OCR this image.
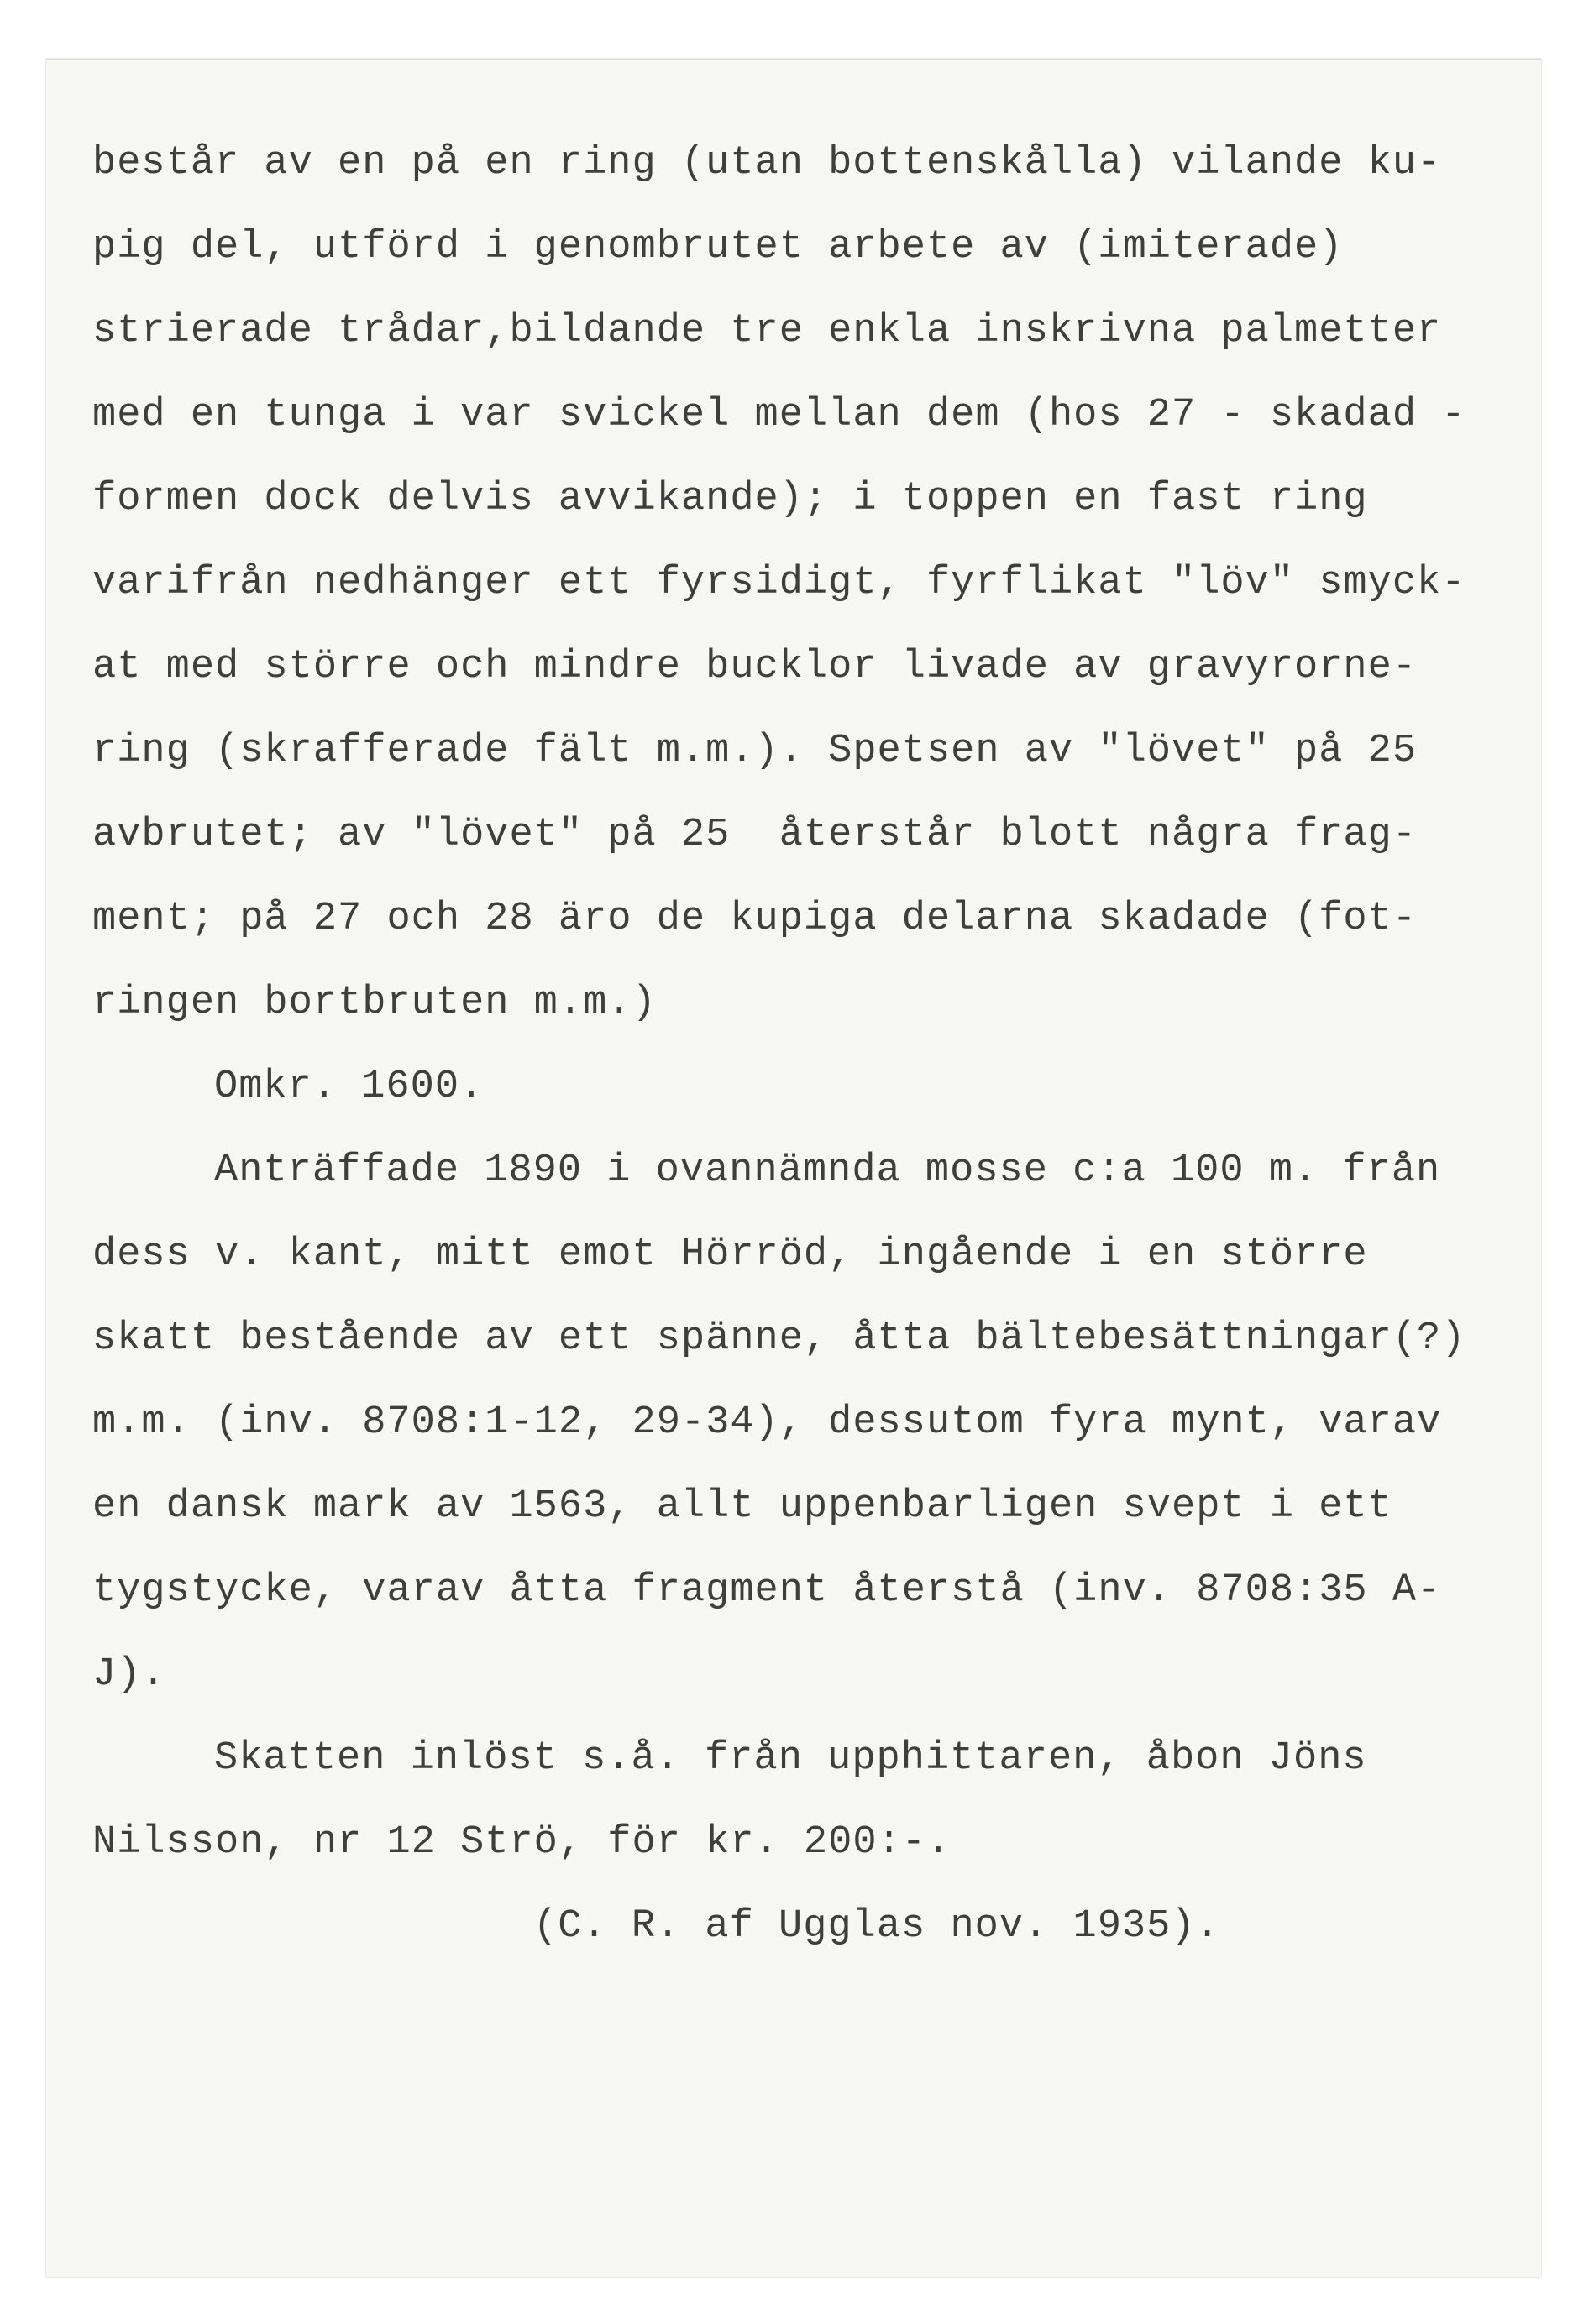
består av en på en ring (utan bottenskålla) vilande ku-
pig del, utförd i genombrutet arbete av (imiterade)
strierade trådar,bildande tre enkla inskrivna palmetter
med en tunga i var svickel mellan dem (hos 27 - skadad -
formen dock delvis avvikande); i toppen en fast ring
varifrån nedhänger ett fyrsidigt, fyrflikat "löv" smyck-
at med större och mindre bucklor livade av gravyrorne-
ring (skrafferade fält m.m.). Spetsen av "lövet" på 25
avbrutet; av "lövet" på 25  återstår blott några frag-
ment; på 27 och 28 äro de kupiga delarna skadade (fot-
ringen bortbruten m.m.)
Omkr. 1600.
Anträffade 1890 i ovannämnda mosse c:a 100 m. från
dess v. kant, mitt emot Hörröd, ingående i en större
skatt bestående av ett spänne, åtta bältebesättningar(?)
m.m. (inv. 8708:1-12, 29-34), dessutom fyra mynt, varav
en dansk mark av 1563, allt uppenbarligen svept i ett
tygstycke, varav åtta fragment återstå (inv. 8708:35 A-
J).
Skatten inlöst s.å. från upphittaren, åbon Jöns
Nilsson, nr 12 Strö, för kr. 200:-.
(C. R. af Ugglas nov. 1935).
